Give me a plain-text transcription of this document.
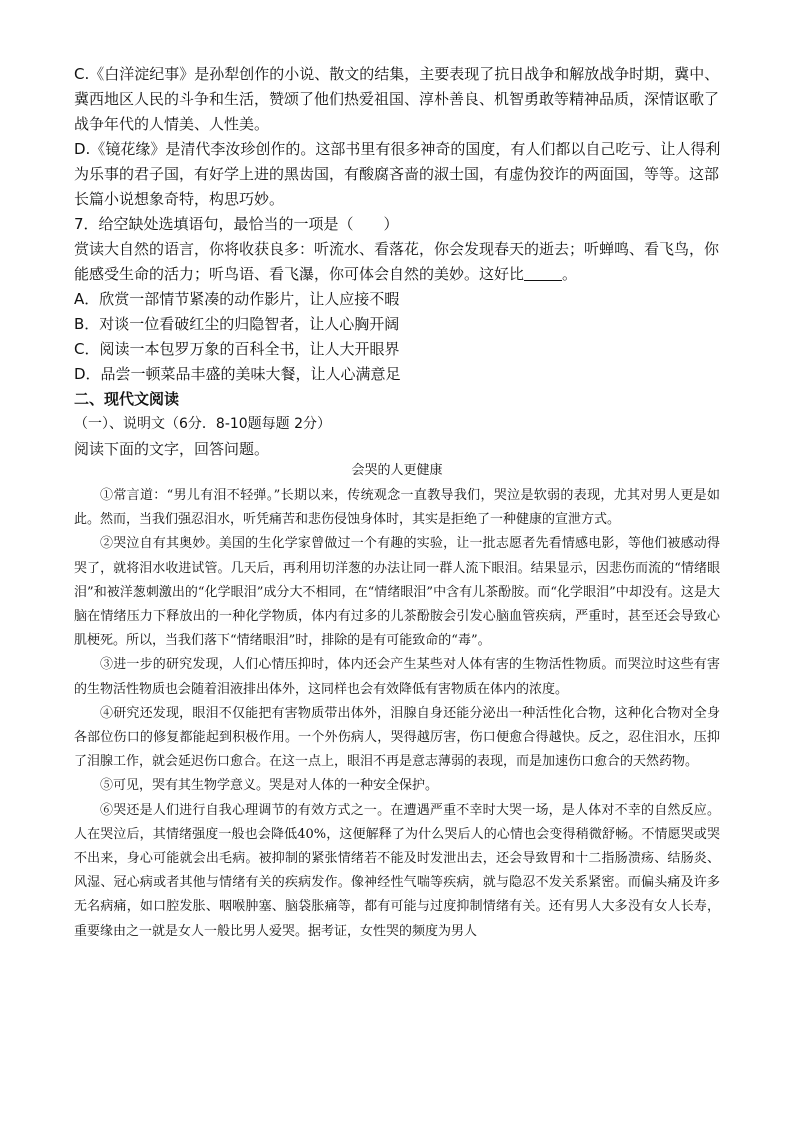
C.《白洋淀纪事》是孙犁创作的小说、散文的结集，主要表现了抗日战争和解放战争时期，冀中、冀西地区人民的斗争和生活，赞颂了他们热爱祖国、淳朴善良、机智勇敢等精神品质，深情讴歌了战争年代的人情美、人性美。

D.《镜花缘》是清代李汝珍创作的。这部书里有很多神奇的国度，有人们都以自己吃亏、让人得利为乐事的君子国，有好学上进的黑齿国，有酸腐吝啬的淑士国，有虚伪狡诈的两面国，等等。这部长篇小说想象奇特，构思巧妙。

7．给空缺处选填语句，最恰当的一项是（　　）

赏读大自然的语言，你将收获良多：听流水、看落花，你会发现春天的逝去；听蝉鸣、看飞鸟，你能感受生命的活力；听鸟语、看飞瀑，你可体会自然的美妙。这好比	。

A．欣赏一部情节紧凑的动作影片，让人应接不暇

B．对谈一位看破红尘的归隐智者，让人心胸开阔

C．阅读一本包罗万象的百科全书，让人大开眼界

D．品尝一顿菜品丰盛的美味大餐，让人心满意足

二、现代文阅读

（一）、说明文（6分．8-10题每题 2分）

阅读下面的文字，回答问题。

会哭的人更健康

①常言道：“男儿有泪不轻弹。”长期以来，传统观念一直教导我们，哭泣是软弱的表现，尤其对男人更是如此。然而，当我们强忍泪水，听凭痛苦和悲伤侵蚀身体时，其实是拒绝了一种健康的宣泄方式。

②哭泣自有其奥妙。美国的生化学家曾做过一个有趣的实验，让一批志愿者先看情感电影，等他们被感动得哭了，就将泪水收进试管。几天后，再利用切洋葱的办法让同一群人流下眼泪。结果显示，因悲伤而流的“情绪眼泪”和被洋葱刺激出的“化学眼泪”成分大不相同，在“情绪眼泪”中含有儿茶酚胺。而“化学眼泪”中却没有。这是大脑在情绪压力下释放出的一种化学物质，体内有过多的儿茶酚胺会引发心脑血管疾病，严重时，甚至还会导致心肌梗死。所以，当我们落下“情绪眼泪”时，排除的是有可能致命的“毒”。

③进一步的研究发现，人们心情压抑时，体内还会产生某些对人体有害的生物活性物质。而哭泣时这些有害的生物活性物质也会随着泪液排出体外，这同样也会有效降低有害物质在体内的浓度。

④研究还发现，眼泪不仅能把有害物质带出体外，泪腺自身还能分泌出一种活性化合物，这种化合物对全身各部位伤口的修复都能起到积极作用。一个外伤病人，哭得越厉害，伤口便愈合得越快。反之，忍住泪水，压抑了泪腺工作，就会延迟伤口愈合。在这一点上，眼泪不再是意志薄弱的表现，而是加速伤口愈合的天然药物。

⑤可见，哭有其生物学意义。哭是对人体的一种安全保护。

⑥哭还是人们进行自我心理调节的有效方式之一。在遭遇严重不幸时大哭一场，是人体对不幸的自然反应。人在哭泣后，其情绪强度一般也会降低40%，这便解释了为什么哭后人的心情也会变得稍微舒畅。不情愿哭或哭不出来，身心可能就会出毛病。被抑制的紧张情绪若不能及时发泄出去，还会导致胃和十二指肠溃疡、结肠炎、风湿、冠心病或者其他与情绪有关的疾病发作。像神经性气喘等疾病，就与隐忍不发关系紧密。而偏头痛及许多无名病痛，如口腔发胀、咽喉肿塞、脑袋胀痛等，都有可能与过度抑制情绪有关。还有男人大多没有女人长寿，重要缘由之一就是女人一般比男人爱哭。据考证，女性哭的频度为男人
